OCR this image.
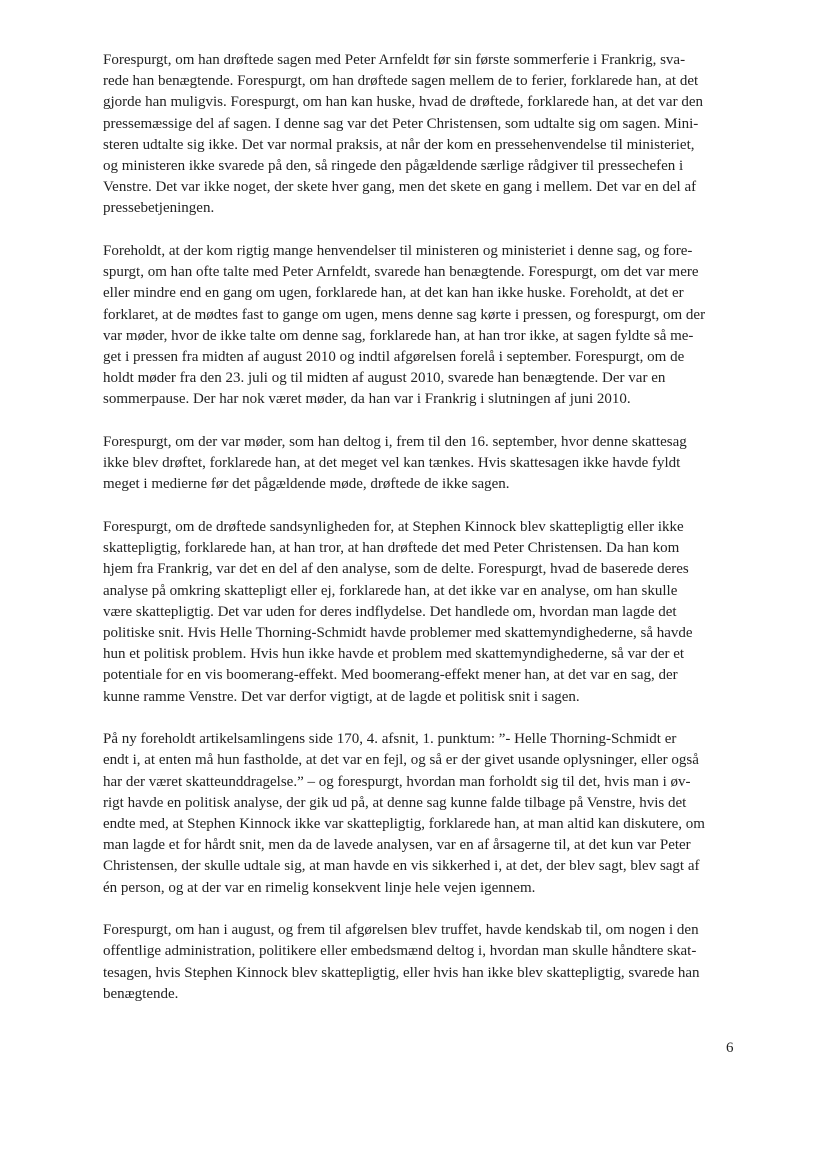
Forespurgt, om han drøftede sagen med Peter Arnfeldt før sin første sommerferie i Frankrig, sva-
rede han benægtende. Forespurgt, om han drøftede sagen mellem de to ferier, forklarede han, at det
gjorde han muligvis. Forespurgt, om han kan huske, hvad de drøftede, forklarede han, at det var den
pressemæssige del af sagen. I denne sag var det Peter Christensen, som udtalte sig om sagen. Mini-
steren udtalte sig ikke. Det var normal praksis, at når der kom en pressehenvendelse til ministeriet,
og ministeren ikke svarede på den, så ringede den pågældende særlige rådgiver til pressechefen i
Venstre. Det var ikke noget, der skete hver gang, men det skete en gang i mellem. Det var en del af
pressebetjeningen.

Foreholdt, at der kom rigtig mange henvendelser til ministeren og ministeriet i denne sag, og fore-
spurgt, om han ofte talte med Peter Arnfeldt, svarede han benægtende. Forespurgt, om det var mere
eller mindre end en gang om ugen, forklarede han, at det kan han ikke huske. Foreholdt, at det er
forklaret, at de mødtes fast to gange om ugen, mens denne sag kørte i pressen, og forespurgt, om der
var møder, hvor de ikke talte om denne sag, forklarede han, at han tror ikke, at sagen fyldte så me-
get i pressen fra midten af august 2010 og indtil afgørelsen forelå i september. Forespurgt, om de
holdt møder fra den 23. juli og til midten af august 2010, svarede han benægtende. Der var en
sommerpause. Der har nok været møder, da han var i Frankrig i slutningen af juni 2010.

Forespurgt, om der var møder, som han deltog i, frem til den 16. september, hvor denne skattesag
ikke blev drøftet, forklarede han, at det meget vel kan tænkes. Hvis skattesagen ikke havde fyldt
meget i medierne før det pågældende møde, drøftede de ikke sagen.

Forespurgt, om de drøftede sandsynligheden for, at Stephen Kinnock blev skattepligtig eller ikke
skattepligtig, forklarede han, at han tror, at han drøftede det med Peter Christensen. Da han kom
hjem fra Frankrig, var det en del af den analyse, som de delte. Forespurgt, hvad de baserede deres
analyse på omkring skattepligt eller ej, forklarede han, at det ikke var en analyse, om han skulle
være skattepligtig. Det var uden for deres indflydelse. Det handlede om, hvordan man lagde det
politiske snit. Hvis Helle Thorning-Schmidt havde problemer med skattemyndighederne, så havde
hun et politisk problem. Hvis hun ikke havde et problem med skattemyndighederne, så var der et
potentiale for en vis boomerang-effekt. Med boomerang-effekt mener han, at det var en sag, der
kunne ramme Venstre. Det var derfor vigtigt, at de lagde et politisk snit i sagen.

På ny foreholdt artikelsamlingens side 170, 4. afsnit, 1. punktum: ”- Helle Thorning-Schmidt er
endt i, at enten må hun fastholde, at det var en fejl, og så er der givet usande oplysninger, eller også
har der været skatteunddragelse.” – og forespurgt, hvordan man forholdt sig til det, hvis man i øv-
rigt havde en politisk analyse, der gik ud på, at denne sag kunne falde tilbage på Venstre, hvis det
endte med, at Stephen Kinnock ikke var skattepligtig, forklarede han, at man altid kan diskutere, om
man lagde et for hårdt snit, men da de lavede analysen, var en af årsagerne til, at det kun var Peter
Christensen, der skulle udtale sig, at man havde en vis sikkerhed i, at det, der blev sagt, blev sagt af
én person, og at der var en rimelig konsekvent linje hele vejen igennem.

Forespurgt, om han i august, og frem til afgørelsen blev truffet, havde kendskab til, om nogen i den
offentlige administration, politikere eller embedsmænd deltog i, hvordan man skulle håndtere skat-
tesagen, hvis Stephen Kinnock blev skattepligtig, eller hvis han ikke blev skattepligtig, svarede han
benægtende.

6
